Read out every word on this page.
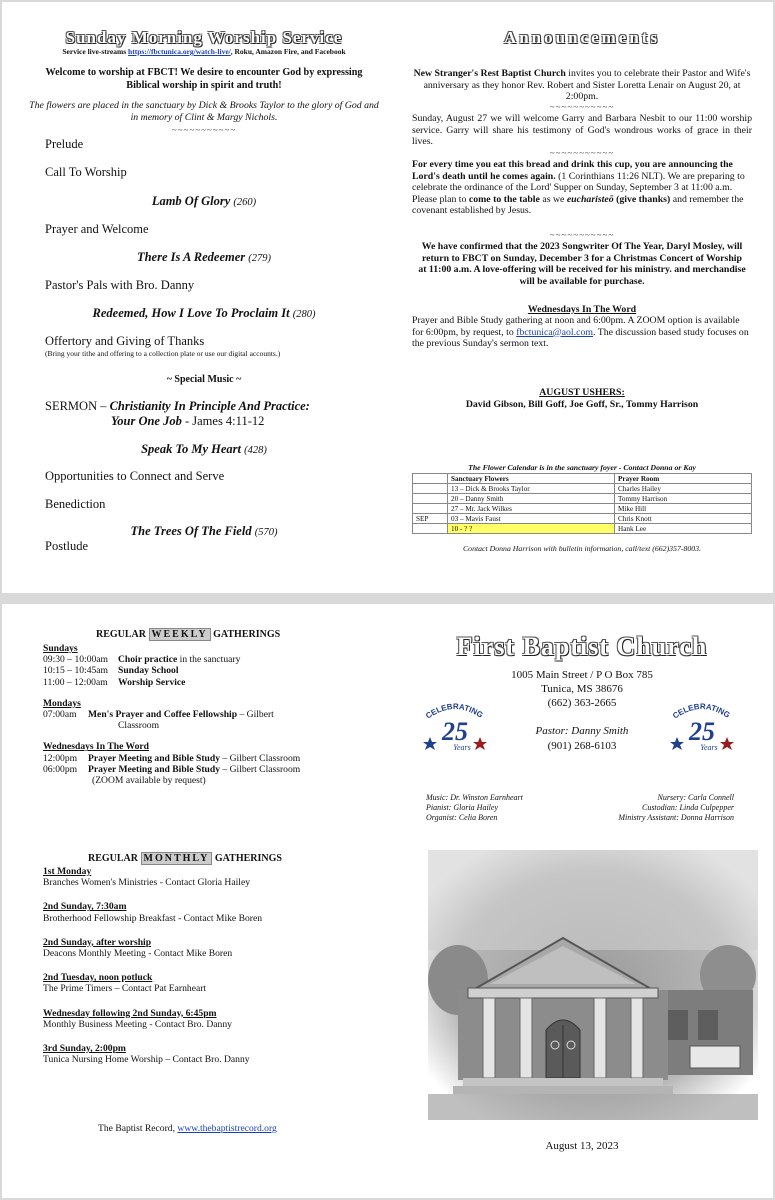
Sunday Morning Worship Service
Service live-streams https://fbctunica.org/watch-live/, Roku, Amazon Fire, and Facebook
Welcome to worship at FBCT! We desire to encounter God by expressing Biblical worship in spirit and truth!
The flowers are placed in the sanctuary by Dick & Brooks Taylor to the glory of God and in memory of Clint & Margy Nichols.
~~~~~~~~~~~

Prelude

Call To Worship

Lamb Of Glory (260)

Prayer and Welcome

There Is A Redeemer (279)

Pastor's Pals with Bro. Danny

Redeemed, How I Love To Proclaim It (280)

Offertory and Giving of Thanks

(Bring your tithe and offering to a collection plate or use our digital accounts.)
~ Special Music ~
SERMON – Christianity In Principle And Practice:
Your One Job - James 4:11-12
Speak To My Heart (428)

Opportunities to Connect and Serve

Benediction

The Trees Of The Field (570)

Postlude

Announcements
New Stranger's Rest Baptist Church invites you to celebrate their Pastor and Wife's anniversary as they honor Rev. Robert and Sister Loretta Lenair on August 20, at 2:00pm.
~~~~~~~~~~~
Sunday, August 27 we will welcome Garry and Barbara Nesbit to our 11:00 worship service. Garry will share his testimony of God's wondrous works of grace in their lives.
~~~~~~~~~~~
For every time you eat this bread and drink this cup, you are announcing the Lord's death until he comes again. (1 Corinthians 11:26 NLT). We are preparing to celebrate the ordinance of the Lord' Supper on Sunday, September 3 at 11:00 a.m. Please plan to come to the table as we eucharisteō (give thanks) and remember the covenant established by Jesus.
~~~~~~~~~~~
We have confirmed that the 2023 Songwriter Of The Year, Daryl Mosley, will return to FBCT on Sunday, December 3 for a Christmas Concert of Worship at 11:00 a.m. A love-offering will be received for his ministry. and merchandise will be available for purchase.
Wednesdays In The Word
Prayer and Bible Study gathering at noon and 6:00pm. A ZOOM option is available for 6:00pm, by request, to fbctunica@aol.com. The discussion based study focuses on the previous Sunday's sermon text.
AUGUST USHERS:
David Gibson, Bill Goff, Joe Goff, Sr., Tommy Harrison
The Flower Calendar is in the sanctuary foyer - Contact Donna or Kay
	Sanctuary Flowers	Prayer Room
	13 – Dick & Brooks Taylor	Charles Hailey
	20 – Danny Smith	Tommy Harrison
	27 – Mr. Jack Wilkes	Mike Hill
SEP	03 – Mavis Faust	Chris Knott
	10 - ? ?	Hank Lee
Contact Donna Harrison with bulletin information, call/text (662)357-8003.
REGULAR WEEKLY GATHERINGS
Sundays
09:30 – 10:00am Choir practice in the sanctuary
10:15 – 10:45am Sunday School
11:00 – 12:00am Worship Service
Mondays
07:00am Men's Prayer and Coffee Fellowship – Gilbert
Classroom
Wednesdays In The Word
12:00pm Prayer Meeting and Bible Study – Gilbert Classroom
06:00pm Prayer Meeting and Bible Study – Gilbert Classroom
(ZOOM available by request)
REGULAR MONTHLY GATHERINGS
1st Monday
Branches Women's Ministries - Contact Gloria Hailey
2nd Sunday, 7:30am
Brotherhood Fellowship Breakfast - Contact Mike Boren
2nd Sunday, after worship
Deacons Monthly Meeting - Contact Mike Boren
2nd Tuesday, noon potluck
The Prime Timers – Contact Pat Earnheart
Wednesday following 2nd Sunday, 6:45pm
Monthly Business Meeting - Contact Bro. Danny
3rd Sunday, 2:00pm
Tunica Nursing Home Worship – Contact Bro. Danny
The Baptist Record, www.thebaptistrecord.org
First Baptist Church
1005 Main Street / P O Box 785
Tunica, MS 38676
(662) 363-2665
Pastor: Danny Smith
(901) 268-6103
CELEBRATING
25
Years
CELEBRATING
25
Years
Music: Dr. Winston Earnheart
Pianist: Gloria Hailey
Organist: Celia Boren
Nursery: Carla Connell
Custodian: Linda Culpepper
Ministry Assistant: Donna Harrison
August 13, 2023
